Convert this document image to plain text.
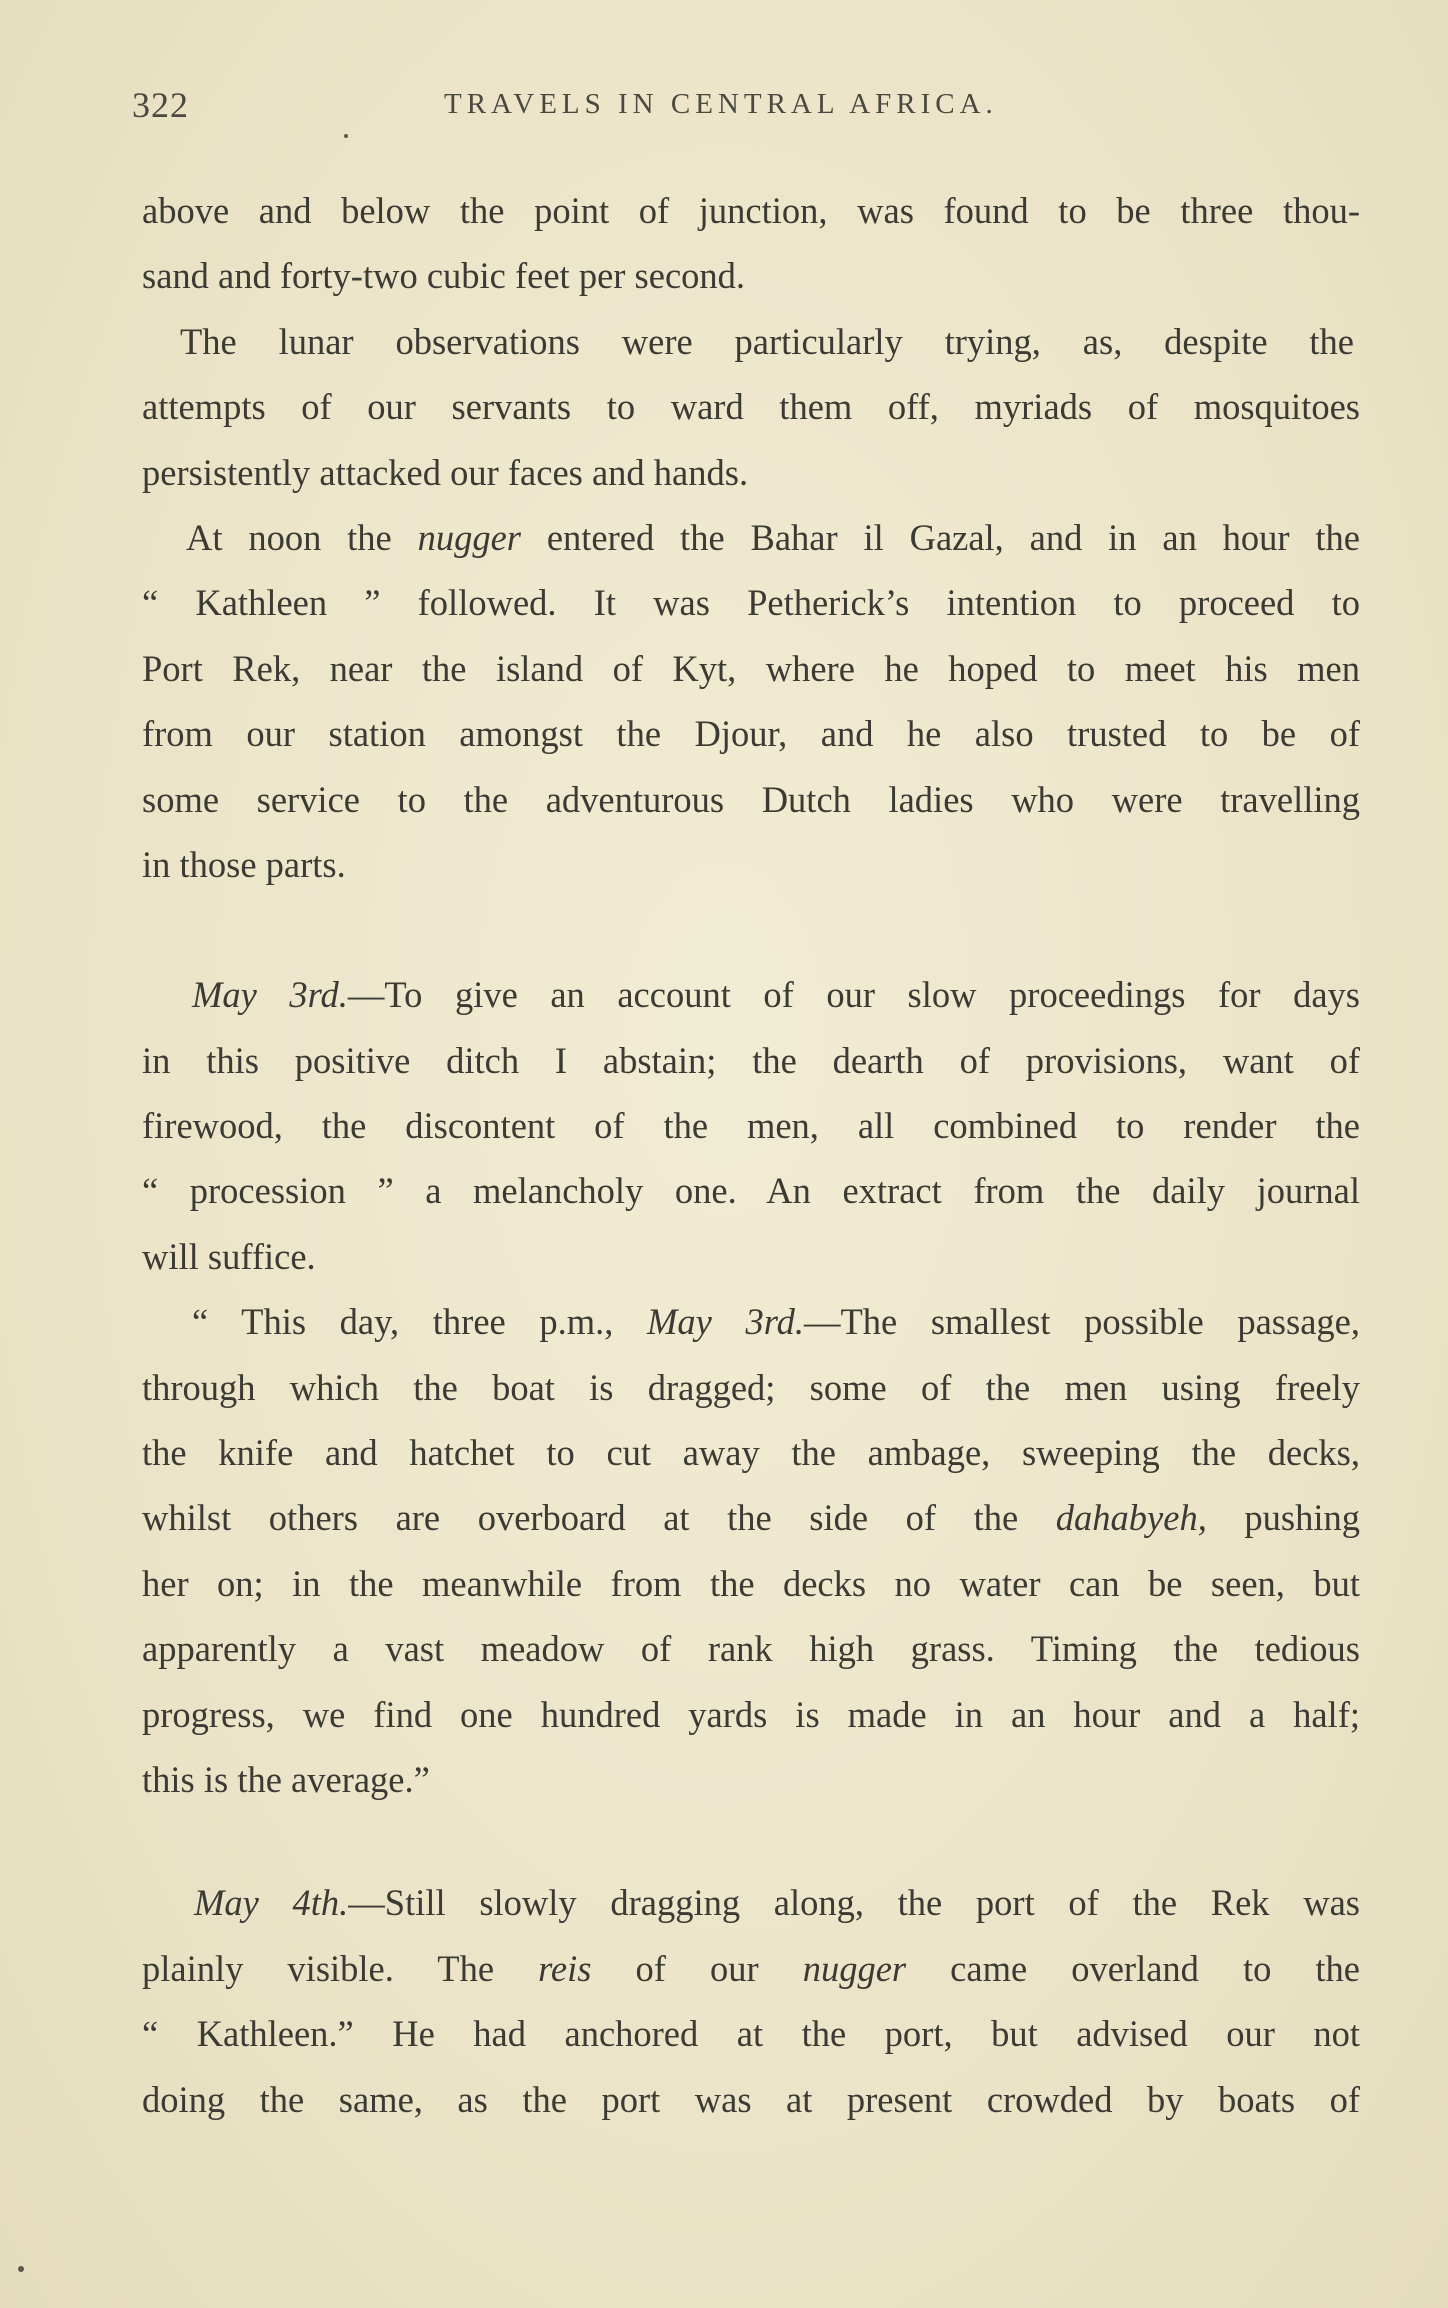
322	TRAVELS IN CENTRAL AFRICA.
above and below the point of junction, was found to be three thou-
sand and forty-two cubic feet per second.
The lunar observations were particularly trying, as, despite the
attempts of our servants to ward them off, myriads of mosquitoes
persistently attacked our faces and hands.
At noon the nugger entered the Bahar il Gazal, and in an hour the
“ Kathleen ” followed. It was Petherick’s intention to proceed to
Port Rek, near the island of Kyt, where he hoped to meet his men
from our station amongst the Djour, and he also trusted to be of
some service to the adventurous Dutch ladies who were travelling
in those parts.
May 3rd.—To give an account of our slow proceedings for days
in this positive ditch I abstain; the dearth of provisions, want of
firewood, the discontent of the men, all combined to render the
“ procession ” a melancholy one. An extract from the daily journal
will suffice.
“ This day, three p.m., May 3rd.—The smallest possible passage,
through which the boat is dragged; some of the men using freely
the knife and hatchet to cut away the ambage, sweeping the decks,
whilst others are overboard at the side of the dahabyeh, pushing
her on; in the meanwhile from the decks no water can be seen, but
apparently a vast meadow of rank high grass. Timing the tedious
progress, we find one hundred yards is made in an hour and a half;
this is the average.”
May 4th.—Still slowly dragging along, the port of the Rek was
plainly visible. The reis of our nugger came overland to the
“ Kathleen.” He had anchored at the port, but advised our not
doing the same, as the port was at present crowded by boats of
